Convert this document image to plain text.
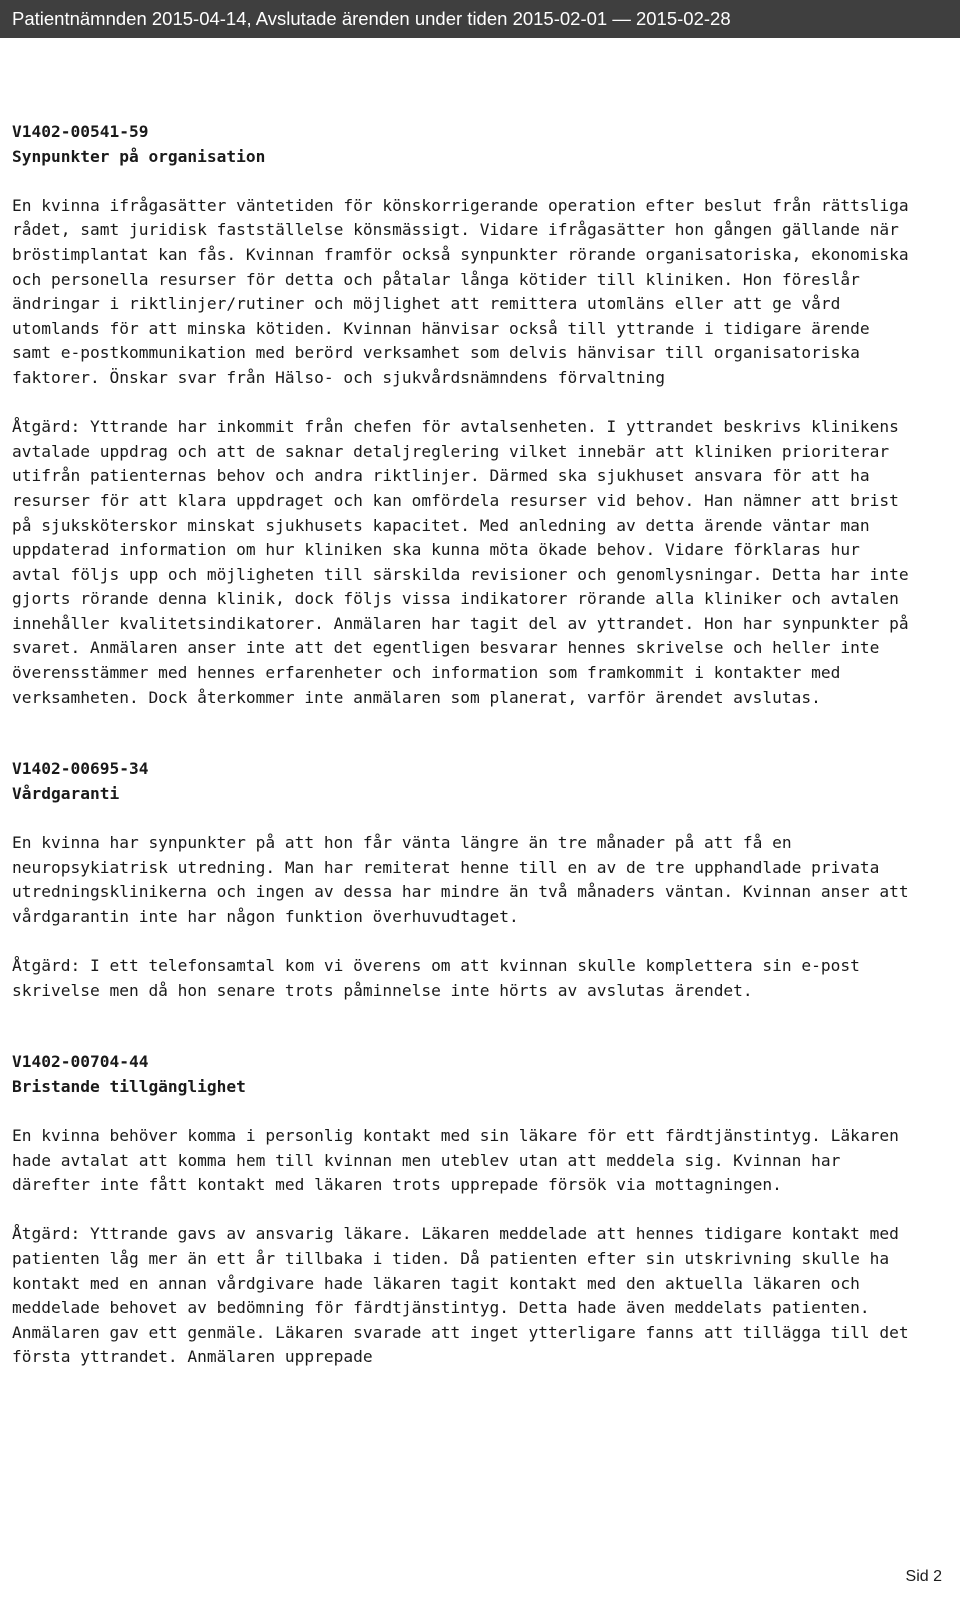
Patientnämnden 2015-04-14, Avslutade ärenden under tiden 2015-02-01 — 2015-02-28

V1402-00541-59

Synpunkter på organisation

En kvinna ifrågasätter väntetiden för könskorrigerande operation efter beslut från rättsliga rådet, samt juridisk fastställelse könsmässigt. Vidare ifrågasätter hon gången gällande när bröstimplantat kan fås. Kvinnan framför också synpunkter rörande organisatoriska, ekonomiska och personella resurser för detta och påtalar långa kötider till kliniken. Hon föreslår ändringar i riktlinjer/rutiner och möjlighet att remittera utomläns eller att ge vård utomlands för att minska kötiden. Kvinnan hänvisar också till yttrande i tidigare ärende samt e-postkommunikation med berörd verksamhet som delvis hänvisar till organisatoriska faktorer. Önskar svar från Hälso- och sjukvårdsnämndens förvaltning

Åtgärd: Yttrande har inkommit från chefen för avtalsenheten. I yttrandet beskrivs klinikens avtalade uppdrag och att de saknar detaljreglering vilket innebär att kliniken prioriterar utifrån patienternas behov och andra riktlinjer. Därmed ska sjukhuset ansvara för att ha resurser för att klara uppdraget och kan omfördela resurser vid behov. Han nämner att brist på sjuksköterskor minskat sjukhusets kapacitet. Med anledning av detta ärende väntar man uppdaterad information om hur kliniken ska kunna möta ökade behov. Vidare förklaras hur avtal följs upp och möjligheten till särskilda revisioner och genomlysningar. Detta har inte gjorts rörande denna klinik, dock följs vissa indikatorer rörande alla kliniker och avtalen innehåller kvalitetsindikatorer. Anmälaren har tagit del av yttrandet. Hon har synpunkter på svaret. Anmälaren anser inte att det egentligen besvarar hennes skrivelse och heller inte överensstämmer med hennes erfarenheter och information som framkommit i kontakter med verksamheten. Dock återkommer inte anmälaren som planerat, varför ärendet avslutas.

V1402-00695-34

Vårdgaranti

En kvinna har synpunkter på att hon får vänta längre än tre månader på att få en neuropsykiatrisk utredning. Man har remiterat henne till en av de tre upphandlade privata utredningsklinikerna och ingen av dessa har mindre än två månaders väntan. Kvinnan anser att vårdgarantin inte har någon funktion överhuvudtaget.

Åtgärd: I ett telefonsamtal kom vi överens om att kvinnan skulle komplettera sin e-post skrivelse men då hon senare trots påminnelse inte hörts av avslutas ärendet.

V1402-00704-44

Bristande tillgänglighet

En kvinna behöver komma i personlig kontakt med sin läkare för ett färdtjänstintyg. Läkaren hade avtalat att komma hem till kvinnan men uteblev utan att meddela sig. Kvinnan har därefter inte fått kontakt med läkaren trots upprepade försök via mottagningen.

Åtgärd: Yttrande gavs av ansvarig läkare. Läkaren meddelade att hennes tidigare kontakt med patienten låg mer än ett år tillbaka i tiden. Då patienten efter sin utskrivning skulle ha kontakt med en annan vårdgivare hade läkaren tagit kontakt med den aktuella läkaren och meddelade behovet av bedömning för färdtjänstintyg. Detta hade även meddelats patienten. Anmälaren gav ett genmäle. Läkaren svarade att inget ytterligare fanns att tillägga till det första yttrandet. Anmälaren upprepade

Sid 2
